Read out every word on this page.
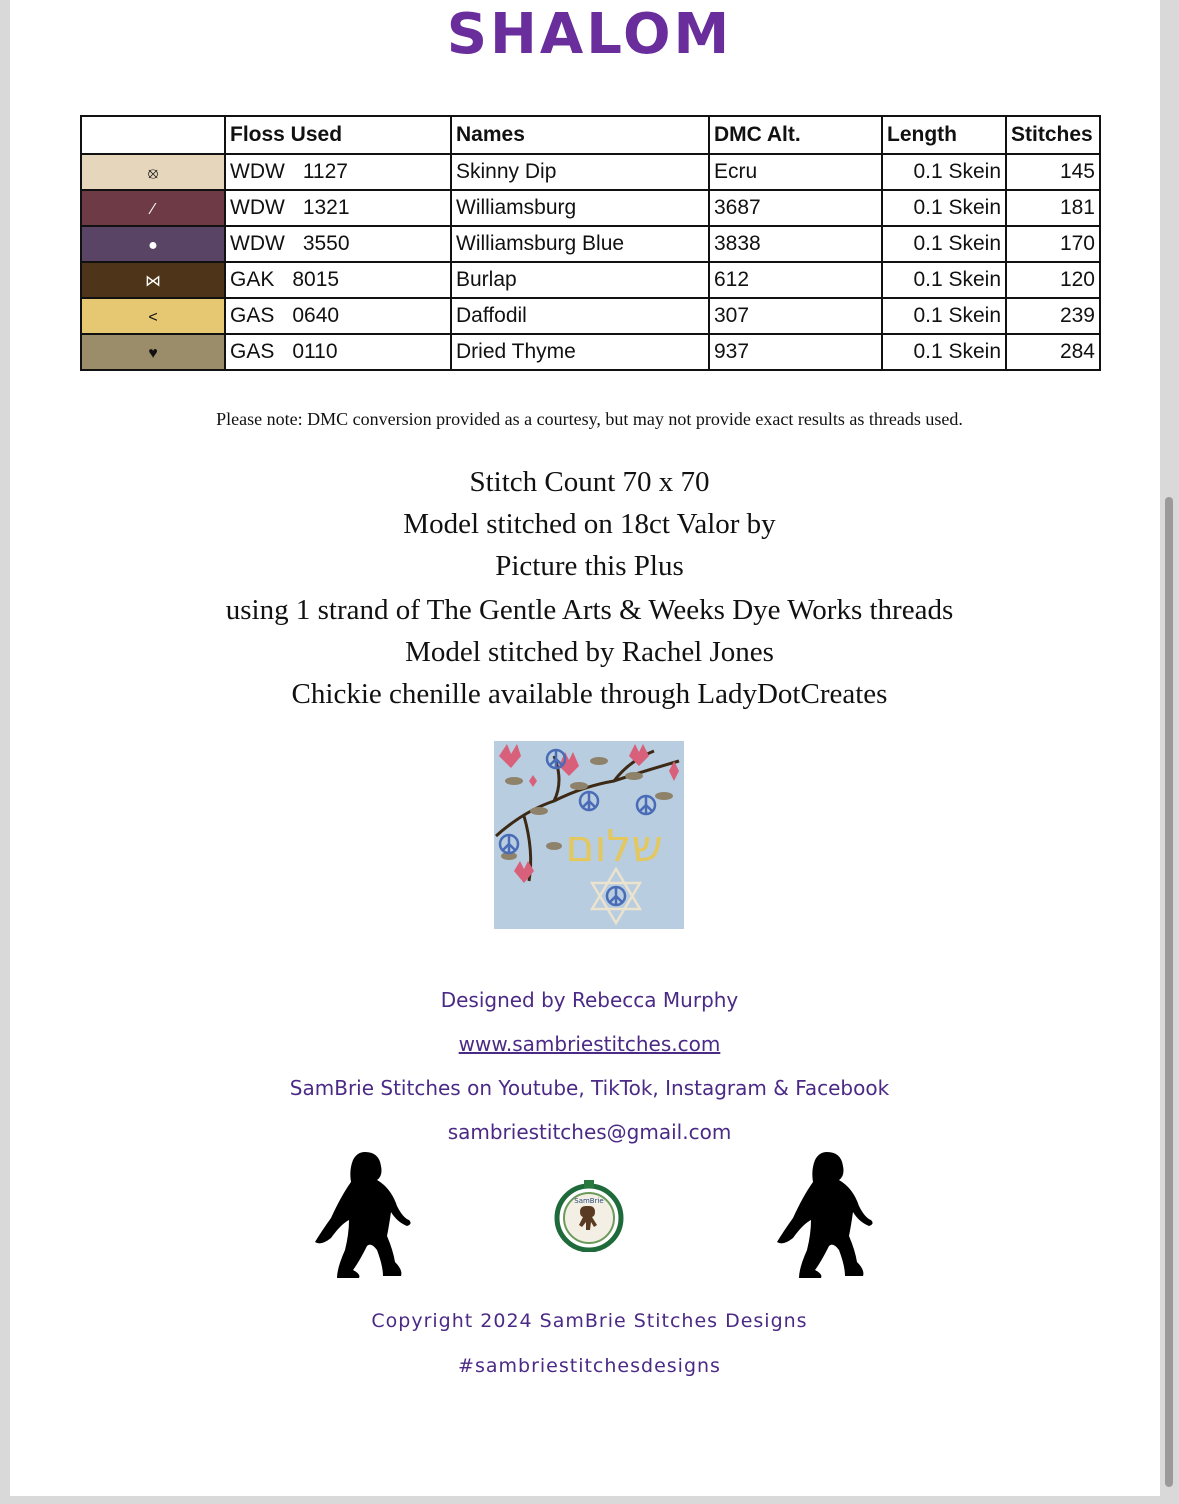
SHALOM
	Floss Used	Names	DMC Alt.	Length	Stitches
⦻	WDW 1127	Skinny Dip	Ecru	0.1 Skein	145
⁄	WDW 1321	Williamsburg	3687	0.1 Skein	181
●	WDW 3550	Williamsburg Blue	3838	0.1 Skein	170
⋈	GAK 8015	Burlap	612	0.1 Skein	120
<	GAS 0640	Daffodil	307	0.1 Skein	239
♥	GAS 0110	Dried Thyme	937	0.1 Skein	284
Please note: DMC conversion provided as a courtesy, but may not provide exact results as threads used.
Stitch Count 70 x 70
Model stitched on 18ct Valor by
Picture this Plus
using 1 strand of The Gentle Arts & Weeks Dye Works threads
Model stitched by Rachel Jones
Chickie chenille available through LadyDotCreates
שלום
Designed by Rebecca Murphy
www.sambriestitches.com
SamBrie Stitches on Youtube, TikTok, Instagram & Facebook
sambriestitches@gmail.com
SamBrie
Copyright 2024 SamBrie Stitches Designs
#sambriestitchesdesigns
